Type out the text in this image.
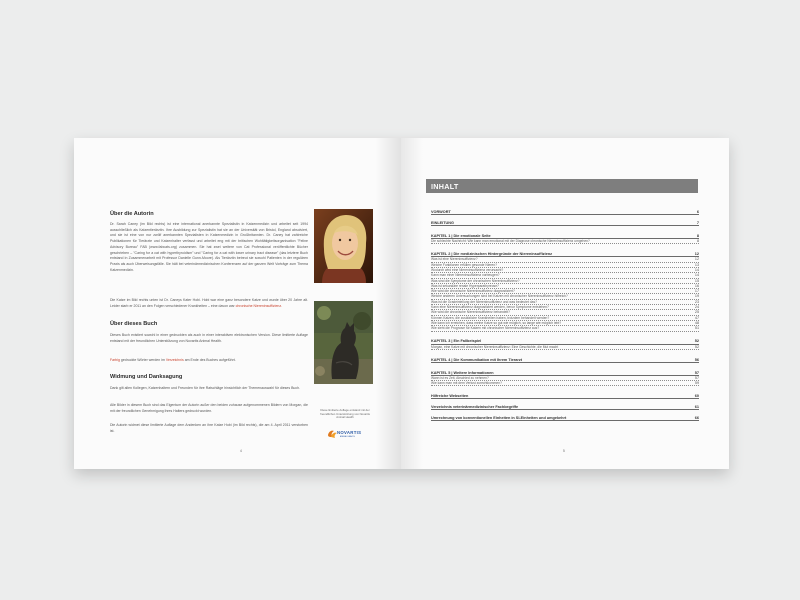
Über die Autorin

Dr. Sarah Caney (im Bild rechts) ist eine international anerkannte Spezialistin in Katzenmedizin und arbeitet seit 1994 ausschließlich als Katzentierärztin. Ihre Ausbildung zur Spezialistin hat sie an der Universität von Bristol, England absolviert, und sie ist eine von nur zwölf anerkannten Spezialisten in Katzenmedizin in Großbritannien. Dr. Caney hat zahlreiche Publikationen für Tierärzte und Katzenhalter verfasst und arbeitet eng mit der britischen Wohltätigkeitsorganisation "Feline Advisory Bureau" FAB (www.fabcats.org) zusammen. Sie hat zwei weitere von Cat Professional veröffentlichte Bücher geschrieben – "Caring for a cat with hyperthyroidism" und "Caring for a cat with lower urinary tract disease" (das letztere Buch entstand in Zusammenarbeit mit Professor Danielle Gunn-Moore). Als Tierärztin betreut sie sowohl Patienten in der regulären Praxis als auch Überweisungsfälle. Sie hält bei veterinärmedizinischen Konferenzen auf der ganzen Welt Vorträge zum Thema Katzenmedizin.

Die Katze im Bild rechts unten ist Dr. Caneys Kater Hobi. Hobi war eine ganz besondere Katze und wurde über 20 Jahre alt. Leider starb er 2011 an den Folgen verschiedener Krankheiten – eine davon war chronische Niereninsuffizienz.

Über dieses Buch

Dieses Buch existiert sowohl in einer gedruckten als auch in einer interaktiven elektronischen Version. Diese limitierte Auflage entstand mit der freundlichen Unterstützung von Novartis Animal Health.

Farbig gedruckte Wörter werden im Verzeichnis am Ende des Buches aufgeführt.

Widmung und Danksagung

Dank gilt allen Kollegen, Katzenhaltern und Freunden für ihre Ratschläge hinsichtlich der Themenauswahl für dieses Buch.

Alle Bilder in diesem Buch sind das Eigentum der Autorin außer den beiden zuhause aufgenommenen Bildern von Morgan, die mit der freundlichen Genehmigung ihres Halters gedruckt wurden.

Die Autorin widmet diese limitierte Auflage dem Andenken an ihre Katze Hobi (im Bild rechts), die am 4. April 2011 verstorben ist.

Diese limitierte Auflage entstand mit der freundlichen Unterstützung von Novartis Animal Health
NOVARTIS
ANIMAL HEALTH
4
INHALT
VORWORT	6
EINLEITUNG	7
KAPITEL 1 | Die emotionale Seite	8
Die schlechte Nachricht: Wie kann man emotional mit der Diagnose chronische Niereninsuffizienz umgehen?	8
KAPITEL 2 | Die medizinischen Hintergründe der Niereninsuffizienz	12
Was ist eine Niereninsuffizienz?	12
Welche Funktionen erfüllen gesunde Nieren?	13
Wodurch wird eine Niereninsuffizienz verursacht?	14
Kann man einer Niereninsuffizienz vorbeugen?	14
Was sind die Symptome der chronischen Niereninsuffizienz?	15
Was ist sekundäre renale Hyperparathyreose?	16
Wie wird die chronische Niereninsuffizienz diagnostiziert?	17
Welche anderen Untersuchungen sind bei Katzen mit chronischer Niereninsuffizienz hilfreich?	19
Was ist die Gradeinteilung der Niereninsuffizienz und was bedeutet das?	23
Kann eine Niereninsuffizienz diagnostiziert werden, bevor Symptome entstehen?	24
Wie wird die chronische Niereninsuffizienz behandelt?	25
Können Katzen, die zusätzliche Krankheiten haben, trotzdem behandelt werden?	47
Wie kann ich erreichen, dass meine Katze so gut wie möglich, so lange wie möglich lebt?	48
Wie sieht die Prognose für Katzen mit chronischer Niereninsuffizienz aus?	51
KAPITEL 3 | Ein Fallbeispiel	52
Morgan, eine Katze mit chronischer Niereninsuffizienz: Eine Geschichte, die Mut macht	52
KAPITEL 4 | Die Kommunikation mit Ihrem Tierarzt	56
KAPITEL 5 | Weitere Informationen	57
Wann ist es Zeit, Abschied zu nehmen?	57
Wie kann man mit dem Verlust zurechtkommen?	59
Hilfreiche Webseiten	60
Verzeichnis veterinärmedizinischer Fachbegriffe	61
Umrechnung von konventionellen Einheiten in SI-Einheiten und umgekehrt	66
5
